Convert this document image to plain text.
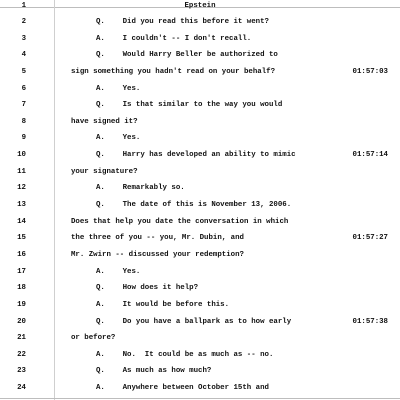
1	Epstein
2	Q.    Did you read this before it went?
3	A.    I couldn't -- I don't recall.
4	Q.    Would Harry Beller be authorized to
5	sign something you hadn't read on your behalf?	01:57:03
6	A.    Yes.
7	Q.    Is that similar to the way you would
8	have signed it?
9	A.    Yes.
10	Q.    Harry has developed an ability to mimic	01:57:14
11	your signature?
12	A.    Remarkably so.
13	Q.    The date of this is November 13, 2006.
14	Does that help you date the conversation in which
15	the three of you -- you, Mr. Dubin, and	01:57:27
16	Mr. Zwirn -- discussed your redemption?
17	A.    Yes.
18	Q.    How does it help?
19	A.    It would be before this.
20	Q.    Do you have a ballpark as to how early	01:57:38
21	or before?
22	A.    No.  It could be as much as -- no.
23	Q.    As much as how much?
24	A.    Anywhere between October 15th and
